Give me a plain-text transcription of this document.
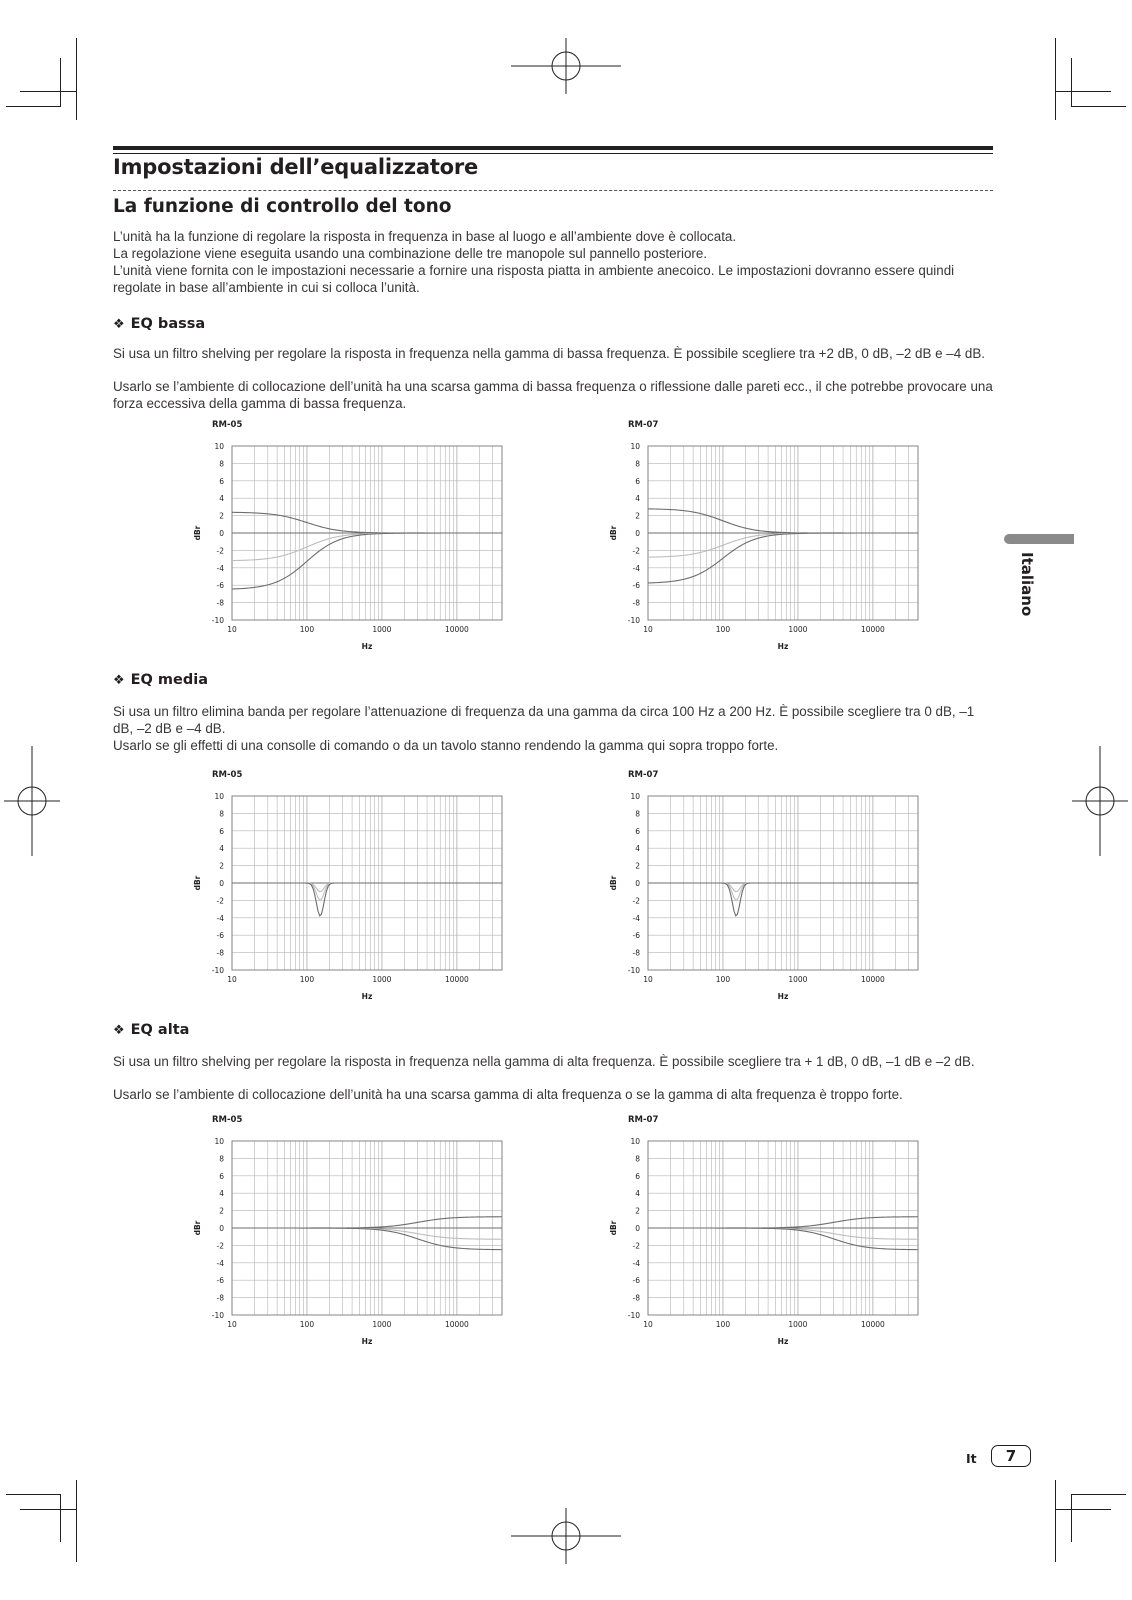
Impostazioni dell’equalizzatore
La funzione di controllo del tono

L’unità ha la funzione di regolare la risposta in frequenza in base al luogo e all’ambiente dove è collocata.

La regolazione viene eseguita usando una combinazione delle tre manopole sul pannello posteriore.

L’unità viene fornita con le impostazioni necessarie a fornire una risposta piatta in ambiente anecoico. Le impostazioni dovranno essere quindi regolate in base all’ambiente in cui si colloca l’unità.

❖ EQ bassa

Si usa un filtro shelving per regolare la risposta in frequenza nella gamma di bassa frequenza. È possibile scegliere tra +2 dB, 0 dB, –2 dB e –4 dB.

Usarlo se l’ambiente di collocazione dell’unità ha una scarsa gamma di bassa frequenza o riflessione dalle pareti ecc., il che potrebbe provocare una forza eccessiva della gamma di bassa frequenza.

RM-05
10
8
6
4
2
0
-2
-4
-6
-8
-10
10	100	1000	10000
Hz
dBr
RM-07
10
8
6
4
2
0
-2
-4
-6
-8
-10
10	100	1000	10000
Hz
dBr
❖ EQ media

Si usa un filtro elimina banda per regolare l’attenuazione di frequenza da una gamma da circa 100 Hz a 200 Hz. È possibile scegliere tra 0 dB, –1 dB, –2 dB e –4 dB.

Usarlo se gli effetti di una consolle di comando o da un tavolo stanno rendendo la gamma qui sopra troppo forte.

RM-05
10
8
6
4
2
0
-2
-4
-6
-8
-10
10	100	1000	10000
Hz
dBr
RM-07
10
8
6
4
2
0
-2
-4
-6
-8
-10
10	100	1000	10000
Hz
dBr
❖ EQ alta

Si usa un filtro shelving per regolare la risposta in frequenza nella gamma di alta frequenza. È possibile scegliere tra + 1 dB, 0 dB, –1 dB e –2 dB.

Usarlo se l’ambiente di collocazione dell’unità ha una scarsa gamma di alta frequenza o se la gamma di alta frequenza è troppo forte.

RM-05
10
8
6
4
2
0
-2
-4
-6
-8
-10
10	100	1000	10000
Hz
dBr
RM-07
10
8
6
4
2
0
-2
-4
-6
-8
-10
10	100	1000	10000
Hz
dBr
Italiano
It	7
